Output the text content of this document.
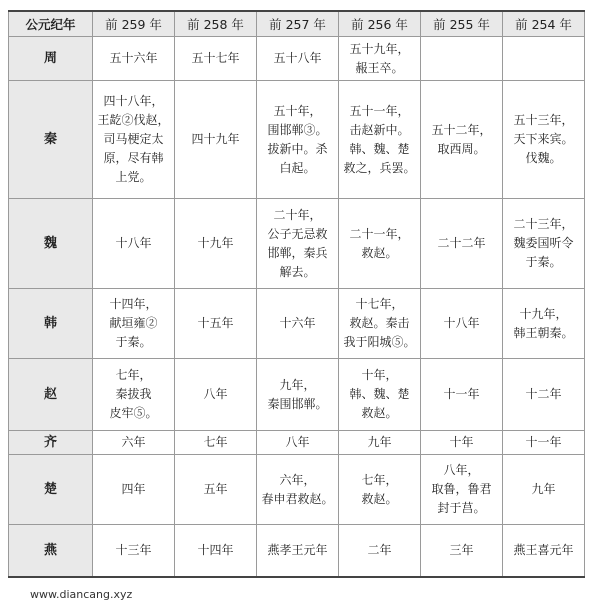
公元纪年	前 259 年	前 258 年	前 257 年	前 256 年	前 255 年	前 254 年
周	五十六年	五十七年	五十八年	五十九年，
赧王卒。		
秦	四十八年，
王龁②伐赵，
司马梗定太
原，尽有韩
上党。	四十九年	五十年，
围邯郸③。
拔新中。杀
白起。	五十一年，
击赵新中。
韩、魏、楚
救之，兵罢。	五十二年，
取西周。	五十三年，
天下来宾。
伐魏。
魏	十八年	十九年	二十年，
公子无忌救
邯郸，秦兵
解去。	二十一年，
救赵。	二十二年	二十三年，
魏委国听令
于秦。
韩	十四年，
献垣雍②
于秦。	十五年	十六年	十七年，
救赵。秦击
我于阳城⑤。	十八年	十九年，
韩王朝秦。
赵	七年，
秦拔我
皮牢⑤。	八年	九年，
秦围邯郸。	十年，
韩、魏、楚
救赵。	十一年	十二年
齐	六年	七年	八年	九年	十年	十一年
楚	四年	五年	六年，
春申君救赵。	七年，
救赵。	八年，
取鲁，鲁君
封于莒。	九年
燕	十三年	十四年	燕孝王元年	二年	三年	燕王喜元年
www.diancang.xyz
